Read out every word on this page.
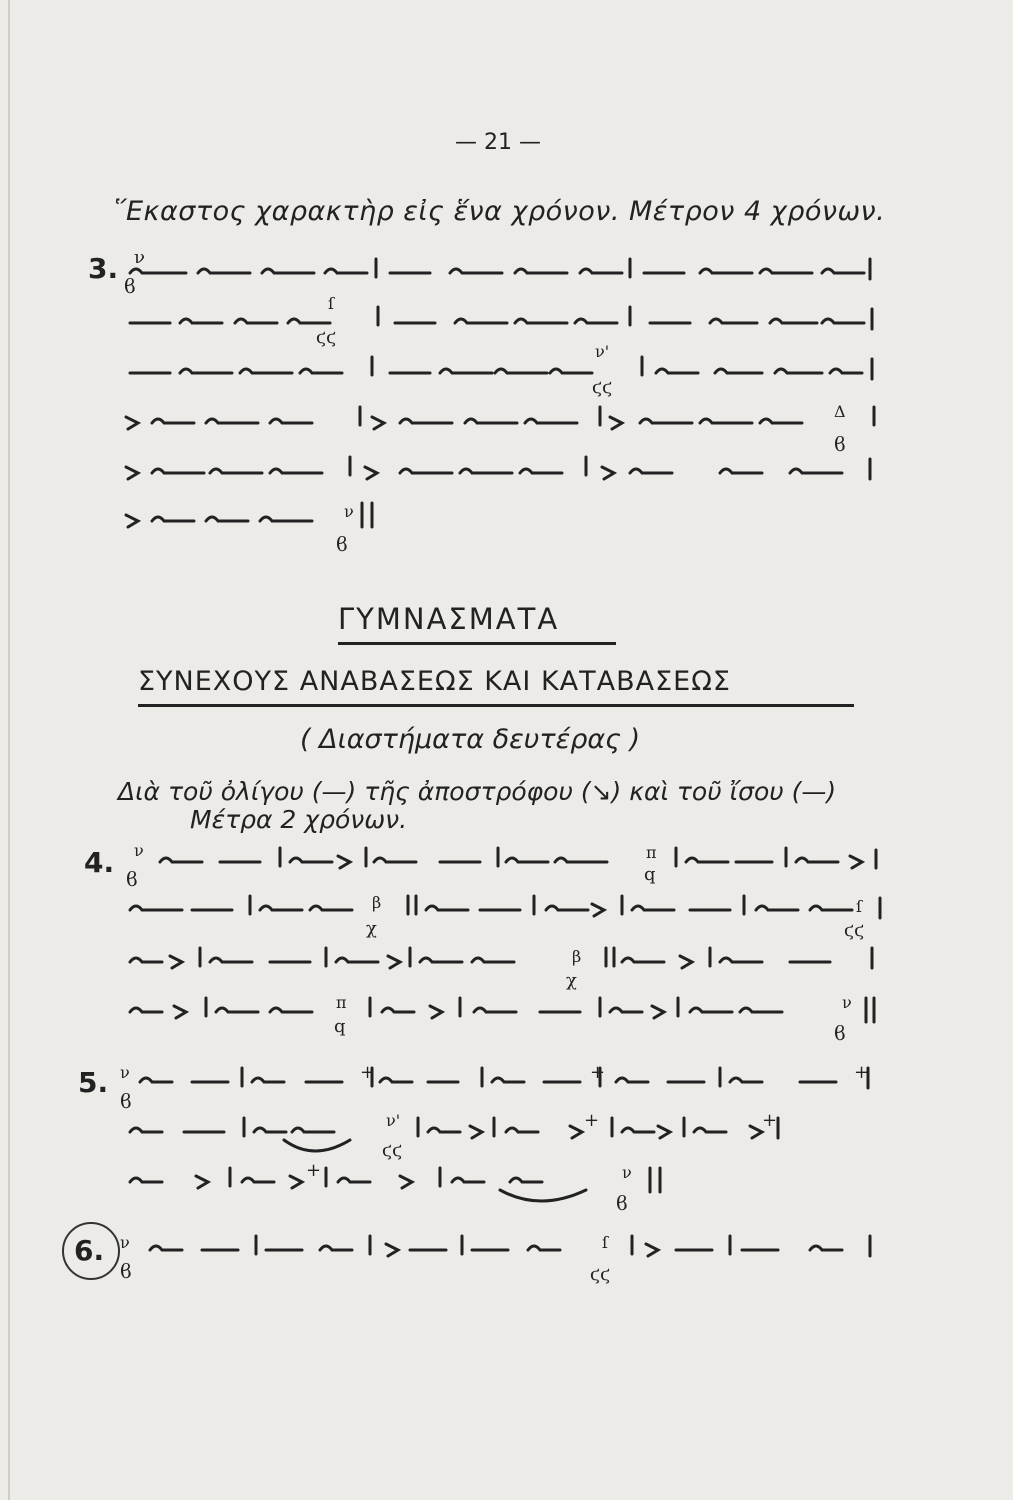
— 21 —
῞Εκαστος χαρακτὴρ εἰς ἕνα χρόνον. Μέτρον 4 χρόνων.
3. ν
ϐ
ſ
ϛϛ
ν'
ϛϛ
Δ
ϐ
ν
ϐ
ΓΥΜΝΑΣΜΑΤΑ
ΣΥΝΕΧΟΥΣ ΑΝΑΒΑΣΕΩΣ ΚΑΙ ΚΑΤΑΒΑΣΕΩΣ
( Διαστήματα δευτέρας )
Διὰ τοῦ ὀλίγου (—) τῆς ἀποστρόφου (↘) καὶ τοῦ ἴσου (—)
Μέτρα 2 χρόνων.
4. ν
ϐ
π
q
β
χ
ſ
ϛϛ
β
χ
π
q
ν
ϐ
5. ν
ϐ
+	+	+
ν'
ϛϛ
+	+
+	ν
ϐ
6. ν
ϐ
ſ
ϛϛ
